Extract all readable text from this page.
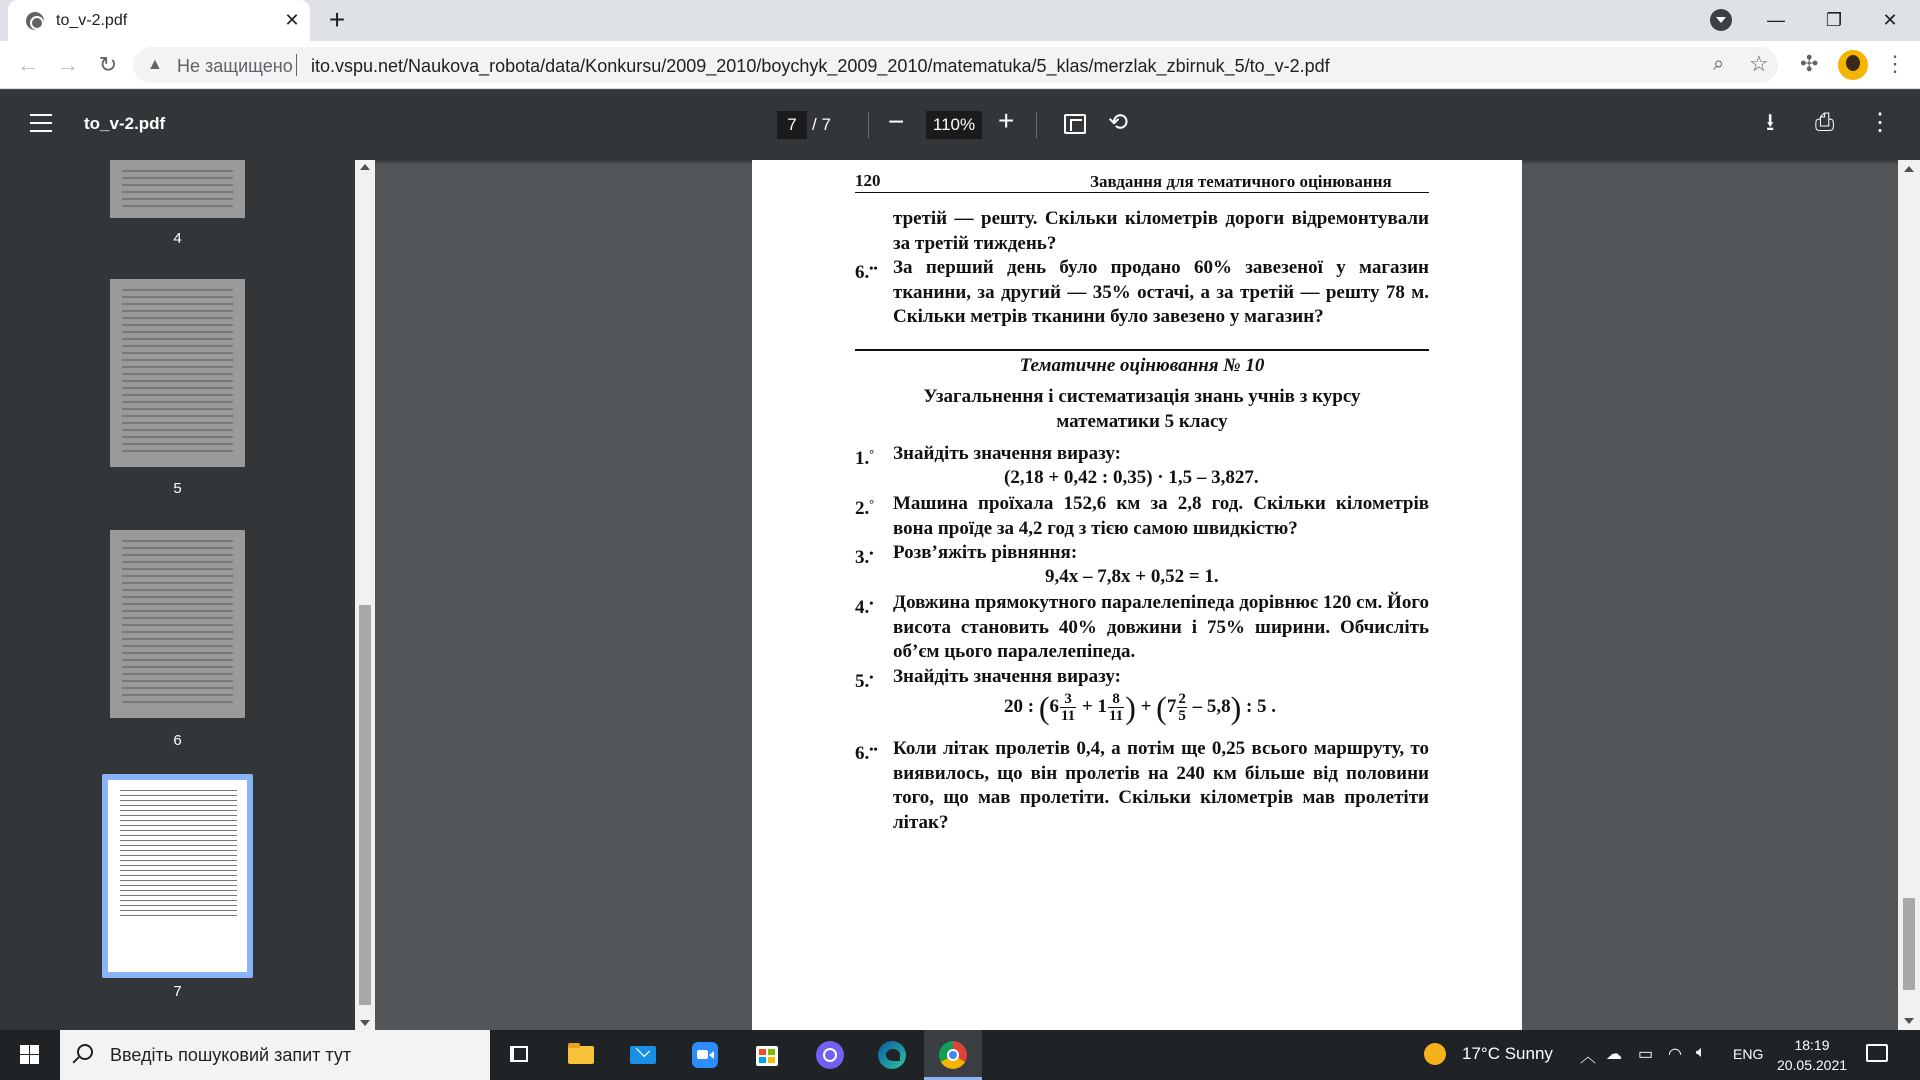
to_v-2.pdf	✕ +	—	❐	✕
← → ↻ ▲ Не защищено ito.vspu.net/Naukova_robota/data/Konkursu/2009_2010/boychyk_2009_2010/matematuka/5_klas/merzlak_zbirnuk_5/to_v-2.pdf	⌕ ☆ ✣	⋮
to_v-2.pdf	7 / 7 −	110% +	⟲	⭳ ⎙ ⋮
4
5
6
7
120	Завдання для тематичного оцінювання
третій — решту. Скільки кілометрів дороги відремонтували за третій тиждень?
6.•• За перший день було продано 60% завезеної у магазин тканини, за другий — 35% остачі, а за третій — решту 78 м. Скільки метрів тканини було завезено у магазин?
Тематичне оцінювання № 10
Узагальнення і систематизація знань учнів з курсу
математики 5 класу
1.° Знайдіть значення виразу:
(2,18 + 0,42 : 0,35) · 1,5 – 3,827.
2.° Машина проїхала 152,6 км за 2,8 год. Скільки кілометрів вона проїде за 4,2 год з тією самою швидкістю?
3.• Розв’яжіть рівняння:
9,4x – 7,8x + 0,52 = 1.
4.• Довжина прямокутного паралелепіпеда дорівнює 120 см. Його висота становить 40% довжини і 75% ширини. Обчисліть об’єм цього паралелепіпеда.
5.• Знайдіть значення виразу:
20 : ($6 \frac{3}{11} + 1 \frac{8}{11}$ ) + $(7 \frac{2}{5} - 5,8)$ : 5 .
6.•• Коли літак пролетів 0,4, а потім ще 0,25 всього маршруту, то виявилось, що він пролетів на 240 км більше від половини того, що мав пролетіти. Скільки кілометрів мав пролетіти літак?
Введіть пошуковий запит тут	17°C Sunny ︿ ☁ ▭ ◠ 🔈︎ ENG
18:19
20.05.2021
